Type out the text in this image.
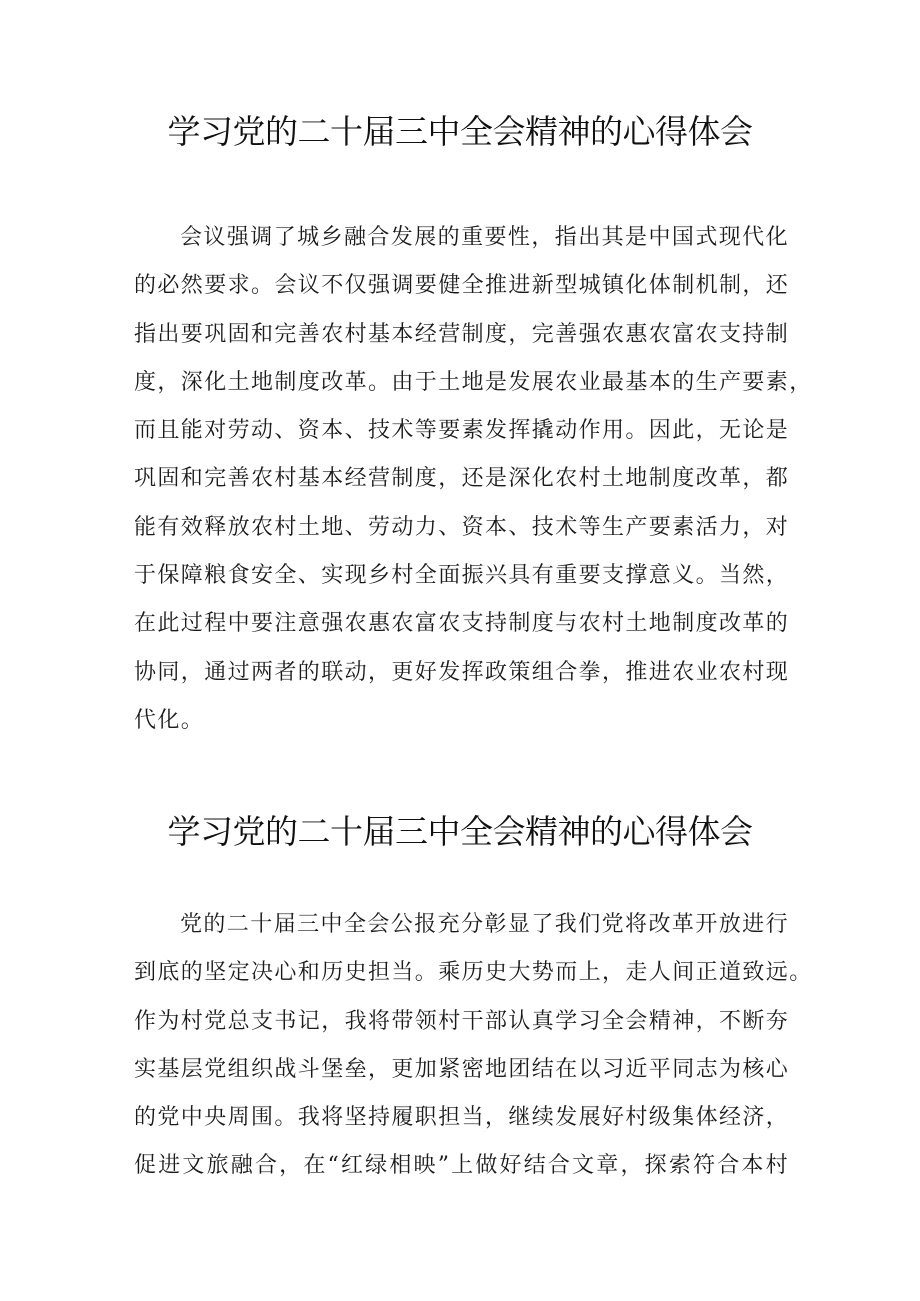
学习党的二十届三中全会精神的心得体会
会议强调了城乡融合发展的重要性，指出其是中国式现代化
的必然要求。会议不仅强调要健全推进新型城镇化体制机制，还
指出要巩固和完善农村基本经营制度，完善强农惠农富农支持制
度，深化土地制度改革。由于土地是发展农业最基本的生产要素，
而且能对劳动、资本、技术等要素发挥撬动作用。因此，无论是
巩固和完善农村基本经营制度，还是深化农村土地制度改革，都
能有效释放农村土地、劳动力、资本、技术等生产要素活力，对
于保障粮食安全、实现乡村全面振兴具有重要支撑意义。当然，
在此过程中要注意强农惠农富农支持制度与农村土地制度改革的
协同，通过两者的联动，更好发挥政策组合拳，推进农业农村现
代化。
学习党的二十届三中全会精神的心得体会
党的二十届三中全会公报充分彰显了我们党将改革开放进行
到底的坚定决心和历史担当。乘历史大势而上，走人间正道致远。
作为村党总支书记，我将带领村干部认真学习全会精神，不断夯
实基层党组织战斗堡垒，更加紧密地团结在以习近平同志为核心
的党中央周围。我将坚持履职担当，继续发展好村级集体经济，
促进文旅融合，在“红绿相映”上做好结合文章，探索符合本村
